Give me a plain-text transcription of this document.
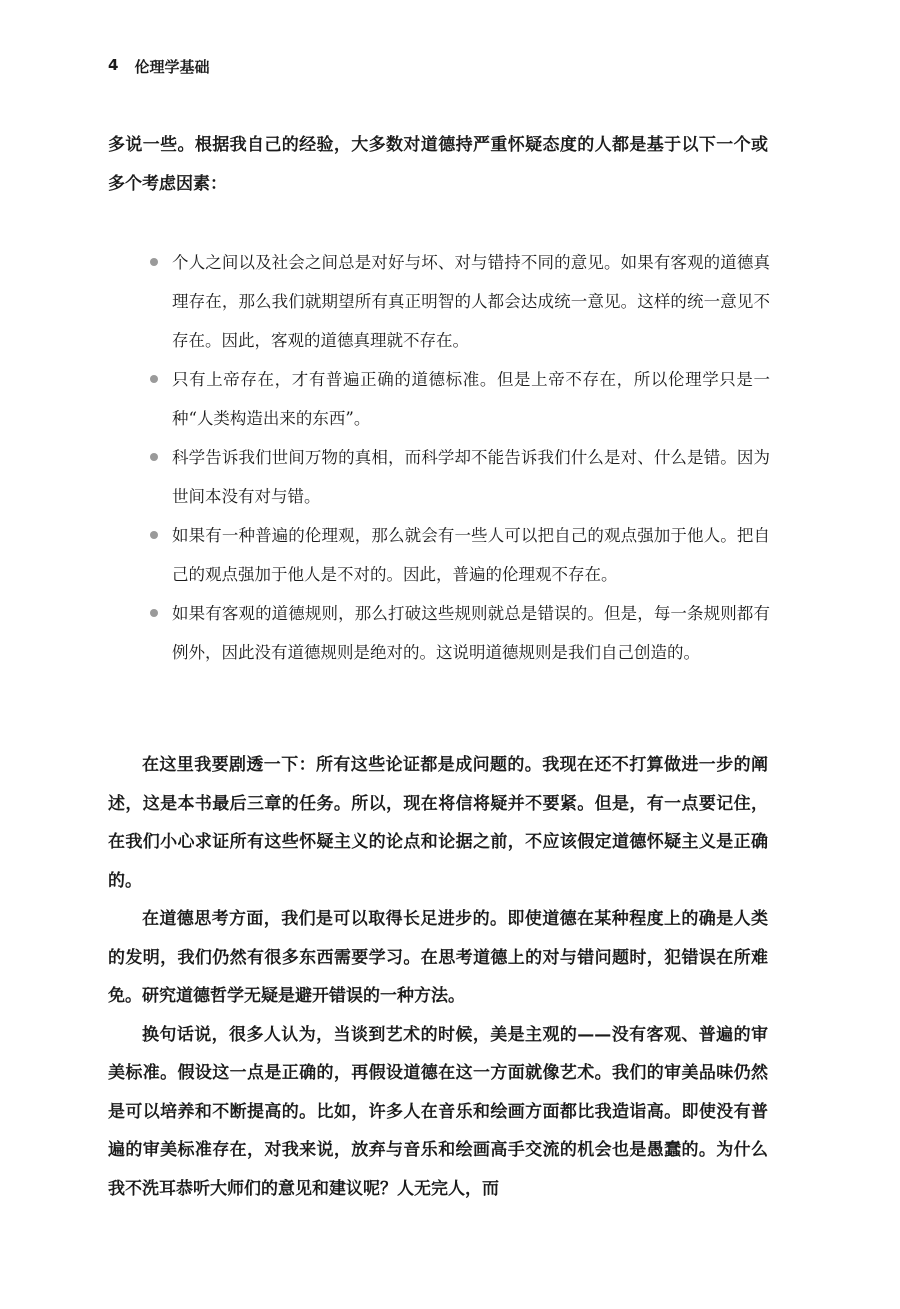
4 伦理学基础
多说一些。根据我自己的经验，大多数对道德持严重怀疑态度的人都是基于以下一个或多个考虑因素：
个人之间以及社会之间总是对好与坏、对与错持不同的意见。如果有客观的道德真理存在，那么我们就期望所有真正明智的人都会达成统一意见。这样的统一意见不存在。因此，客观的道德真理就不存在。
只有上帝存在，才有普遍正确的道德标准。但是上帝不存在，所以伦理学只是一种“人类构造出来的东西”。
科学告诉我们世间万物的真相，而科学却不能告诉我们什么是对、什么是错。因为世间本没有对与错。
如果有一种普遍的伦理观，那么就会有一些人可以把自己的观点强加于他人。把自己的观点强加于他人是不对的。因此，普遍的伦理观不存在。
如果有客观的道德规则，那么打破这些规则就总是错误的。但是，每一条规则都有例外，因此没有道德规则是绝对的。这说明道德规则是我们自己创造的。

在这里我要剧透一下：所有这些论证都是成问题的。我现在还不打算做进一步的阐述，这是本书最后三章的任务。所以，现在将信将疑并不要紧。但是，有一点要记住，在我们小心求证所有这些怀疑主义的论点和论据之前，不应该假定道德怀疑主义是正确的。

在道德思考方面，我们是可以取得长足进步的。即使道德在某种程度上的确是人类的发明，我们仍然有很多东西需要学习。在思考道德上的对与错问题时，犯错误在所难免。研究道德哲学无疑是避开错误的一种方法。

换句话说，很多人认为，当谈到艺术的时候，美是主观的——没有客观、普遍的审美标准。假设这一点是正确的，再假设道德在这一方面就像艺术。我们的审美品味仍然是可以培养和不断提高的。比如，许多人在音乐和绘画方面都比我造诣高。即使没有普遍的审美标准存在，对我来说，放弃与音乐和绘画高手交流的机会也是愚蠢的。为什么我不洗耳恭听大师们的意见和建议呢？人无完人，而
